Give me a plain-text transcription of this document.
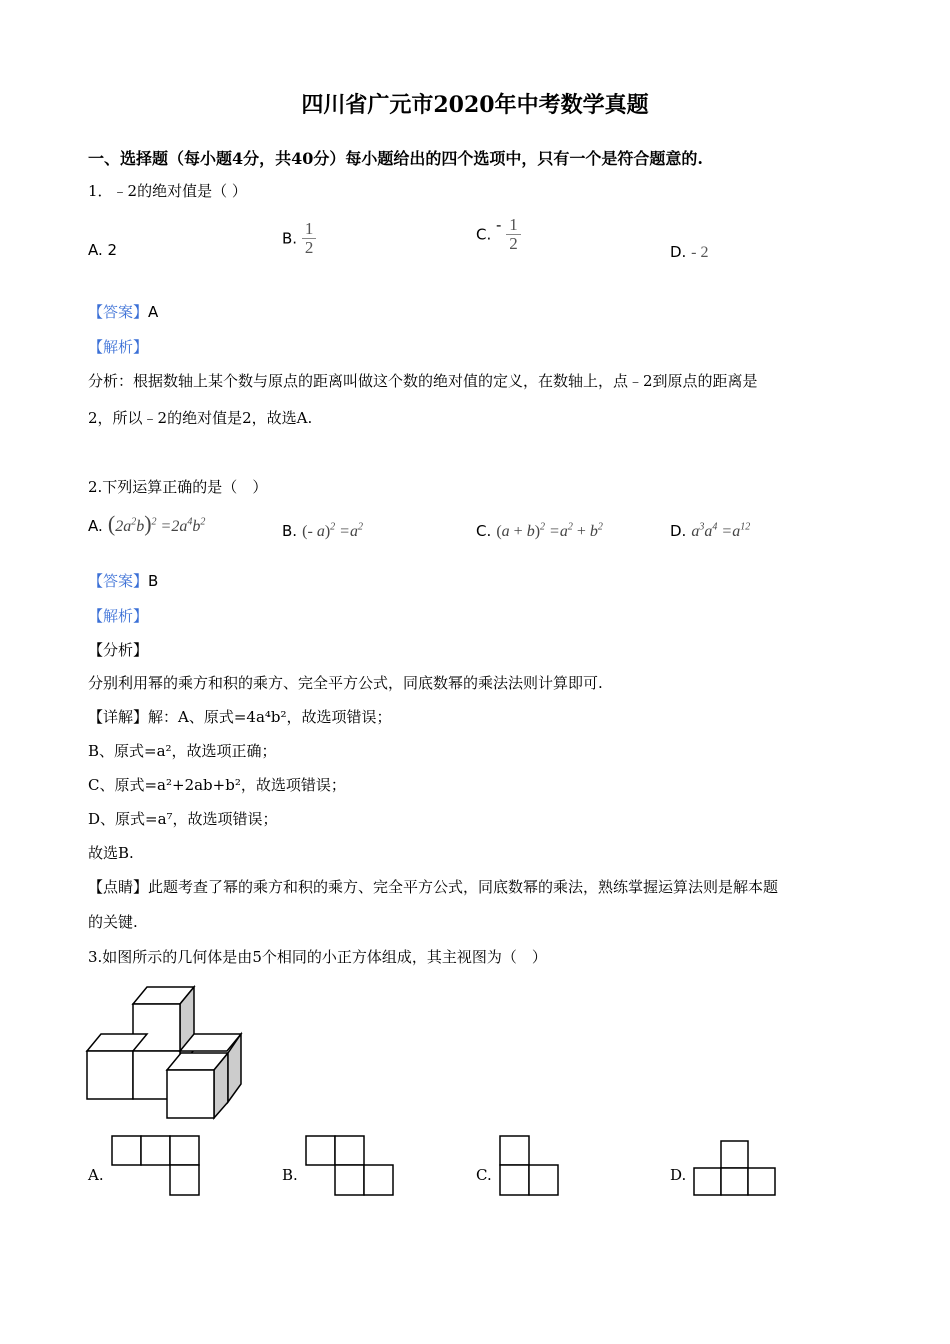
四川省广元市2020年中考数学真题
一、选择题（每小题4分，共40分）每小题给出的四个选项中，只有一个是符合题意的.
1．﹣2的绝对值是（ ）
A. 2
B. $\frac{1}{2}$	C. - $\frac{1}{2}$	D. - 2
【答案】A
【解析】
分析：根据数轴上某个数与原点的距离叫做这个数的绝对值的定义，在数轴上，点﹣2到原点的距离是
2，所以﹣2的绝对值是2，故选A.
2.下列运算正确的是（　）
A. $(2a^2b)^2 =2a^4b^2$	B. (- $a)^2 =a^2$	C. $(a + b)^2 =a^2 + b^2$	D. $a^3a^4 =a^{12}$
【答案】B
【解析】
【分析】
分别利用幂的乘方和积的乘方、完全平方公式，同底数幂的乘法法则计算即可.
【详解】解：A、原式=4a⁴b²，故选项错误；
B、原式=a²，故选项正确；
C、原式=a²+2ab+b²，故选项错误；
D、原式=a⁷，故选项错误；
故选B.
【点睛】此题考查了幂的乘方和积的乘方、完全平方公式，同底数幂的乘法，熟练掌握运算法则是解本题
的关键.
3.如图所示的几何体是由5个相同的小正方体组成，其主视图为（　）
A.	B.	C.	D.
